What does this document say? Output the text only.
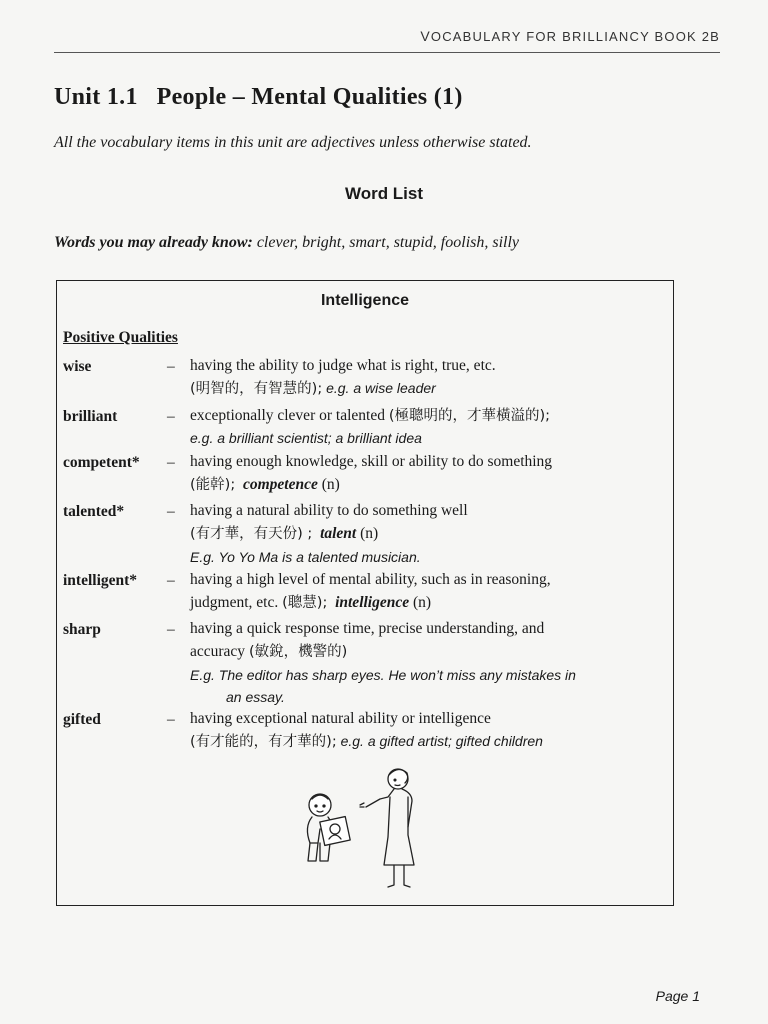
VOCABULARY FOR BRILLIANCY BOOK 2B
Unit 1.1   People – Mental Qualities (1)
All the vocabulary items in this unit are adjectives unless otherwise stated.
Word List
Words you may already know: clever, bright, smart, stupid, foolish, silly
Intelligence
Positive Qualities
wise	– having the ability to judge what is right, true, etc.
(明智的，有智慧的); e.g. a wise leader
brilliant	– exceptionally clever or talented (極聰明的，才華橫溢的);
e.g. a brilliant scientist; a brilliant idea
competent* – having enough knowledge, skill or ability to do something
(能幹); competence (n)
talented*	– having a natural ability to do something well
(有才華，有天份) ; talent (n)
E.g. Yo Yo Ma is a talented musician.
intelligent* – having a high level of mental ability, such as in reasoning,
judgment, etc. (聰慧); intelligence (n)
sharp	– having a quick response time, precise understanding, and
accuracy (敏銳，機警的)
E.g. The editor has sharp eyes. He won’t miss any mistakes in
an essay.
gifted	– having exceptional natural ability or intelligence
(有才能的，有才華的); e.g. a gifted artist; gifted children
Page 1
